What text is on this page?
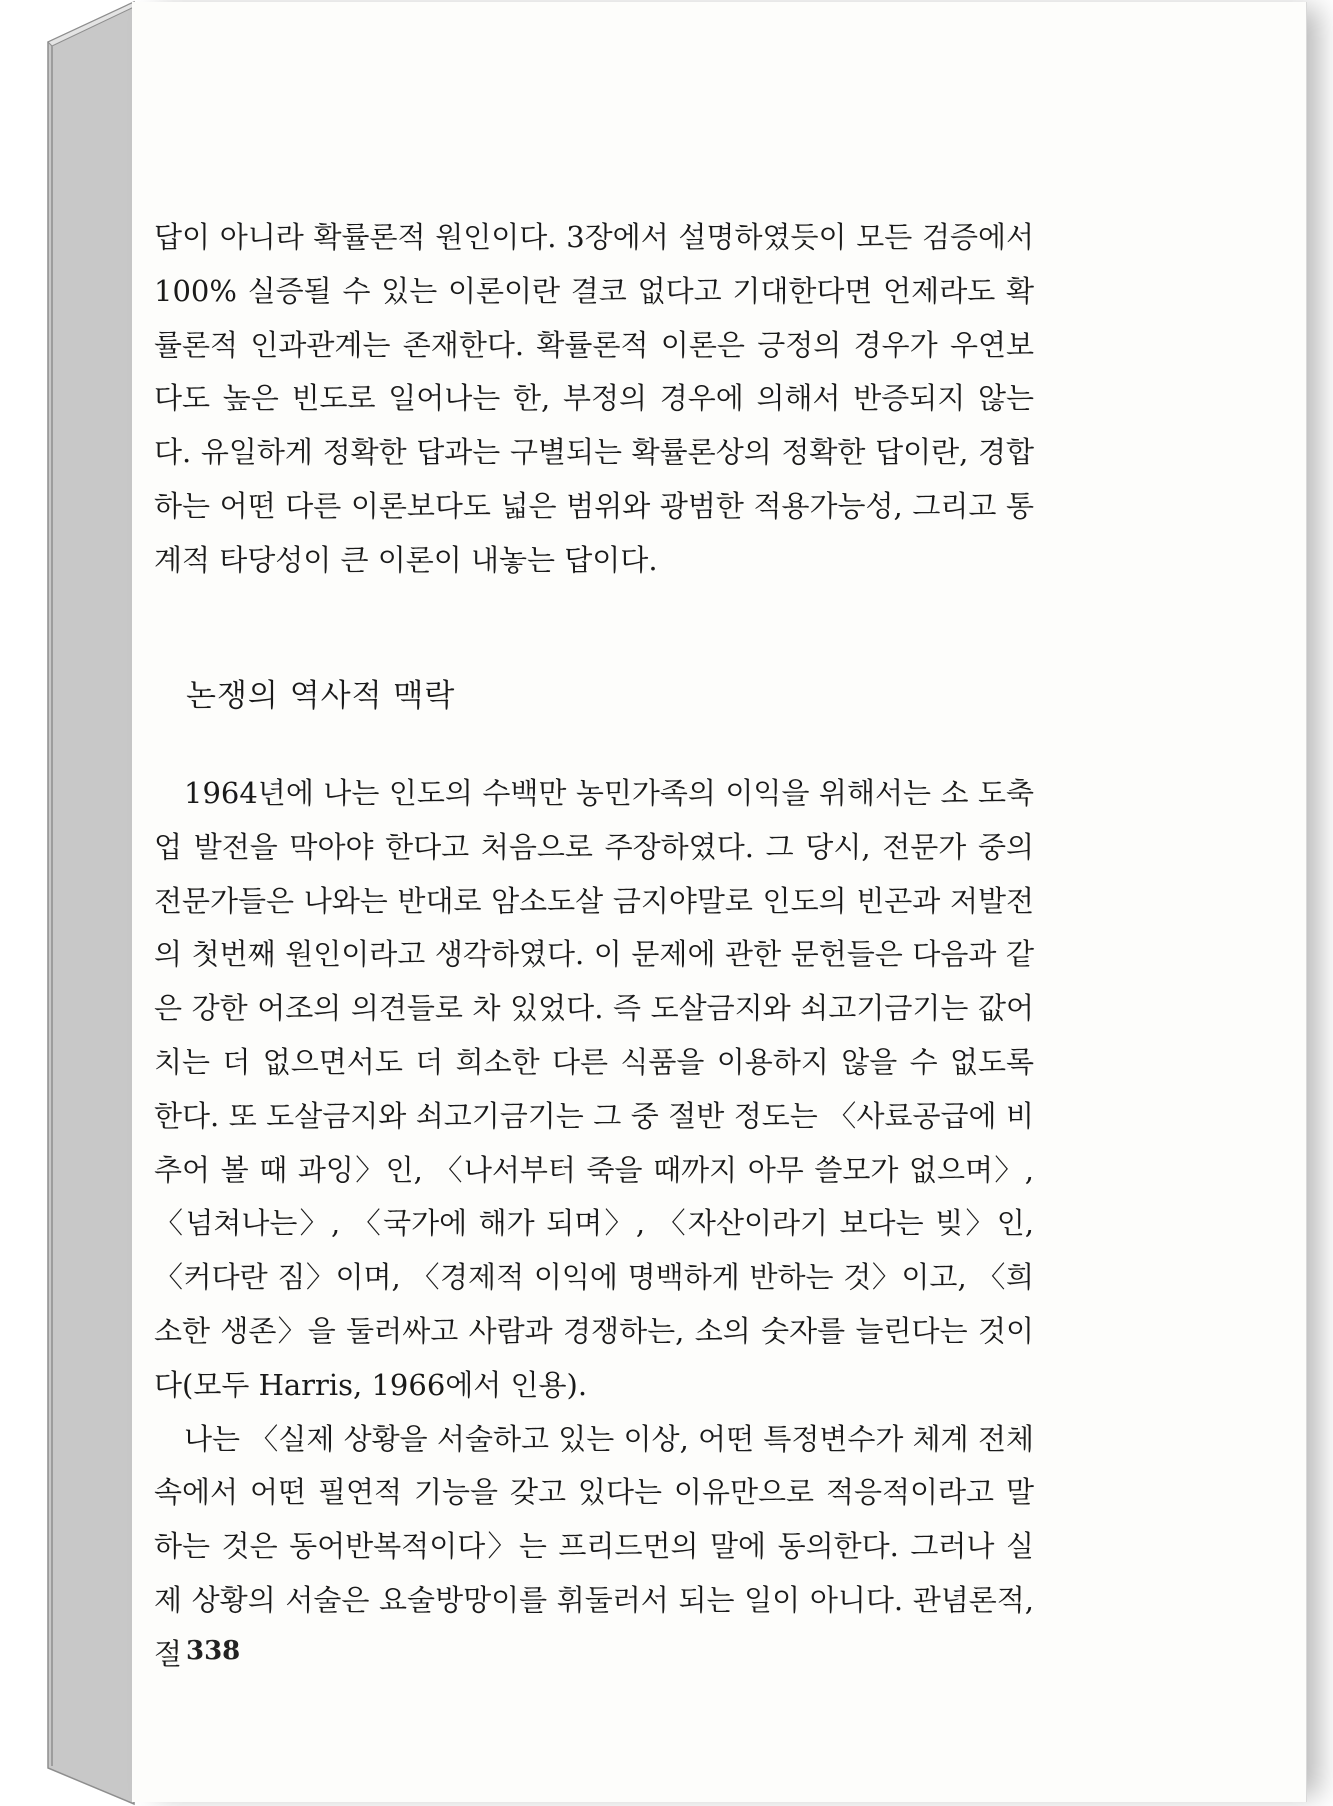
답이 아니라 확률론적 원인이다. 3장에서 설명하였듯이 모든 검증에서 100% 실증될 수 있는 이론이란 결코 없다고 기대한다면 언제라도 확률론적 인과관계는 존재한다. 확률론적 이론은 긍정의 경우가 우연보다도 높은 빈도로 일어나는 한, 부정의 경우에 의해서 반증되지 않는다. 유일하게 정확한 답과는 구별되는 확률론상의 정확한 답이란, 경합하는 어떤 다른 이론보다도 넓은 범위와 광범한 적용가능성, 그리고 통계적 타당성이 큰 이론이 내놓는 답이다.

논쟁의 역사적 맥락

1964년에 나는 인도의 수백만 농민가족의 이익을 위해서는 소 도축업 발전을 막아야 한다고 처음으로 주장하였다. 그 당시, 전문가 중의 전문가들은 나와는 반대로 암소도살 금지야말로 인도의 빈곤과 저발전의 첫번째 원인이라고 생각하였다. 이 문제에 관한 문헌들은 다음과 같은 강한 어조의 의견들로 차 있었다. 즉 도살금지와 쇠고기금기는 값어치는 더 없으면서도 더 희소한 다른 식품을 이용하지 않을 수 없도록 한다. 또 도살금지와 쇠고기금기는 그 중 절반 정도는 〈사료공급에 비추어 볼 때 과잉〉인, 〈나서부터 죽을 때까지 아무 쓸모가 없으며〉, 〈넘쳐나는〉, 〈국가에 해가 되며〉, 〈자산이라기 보다는 빚〉인, 〈커다란 짐〉이며, 〈경제적 이익에 명백하게 반하는 것〉이고, 〈희소한 생존〉을 둘러싸고 사람과 경쟁하는, 소의 숫자를 늘린다는 것이다(모두 Harris, 1966에서 인용).

나는 〈실제 상황을 서술하고 있는 이상, 어떤 특정변수가 체계 전체 속에서 어떤 필연적 기능을 갖고 있다는 이유만으로 적응적이라고 말하는 것은 동어반복적이다〉는 프리드먼의 말에 동의한다. 그러나 실제 상황의 서술은 요술방망이를 휘둘러서 되는 일이 아니다. 관념론적, 절 338
